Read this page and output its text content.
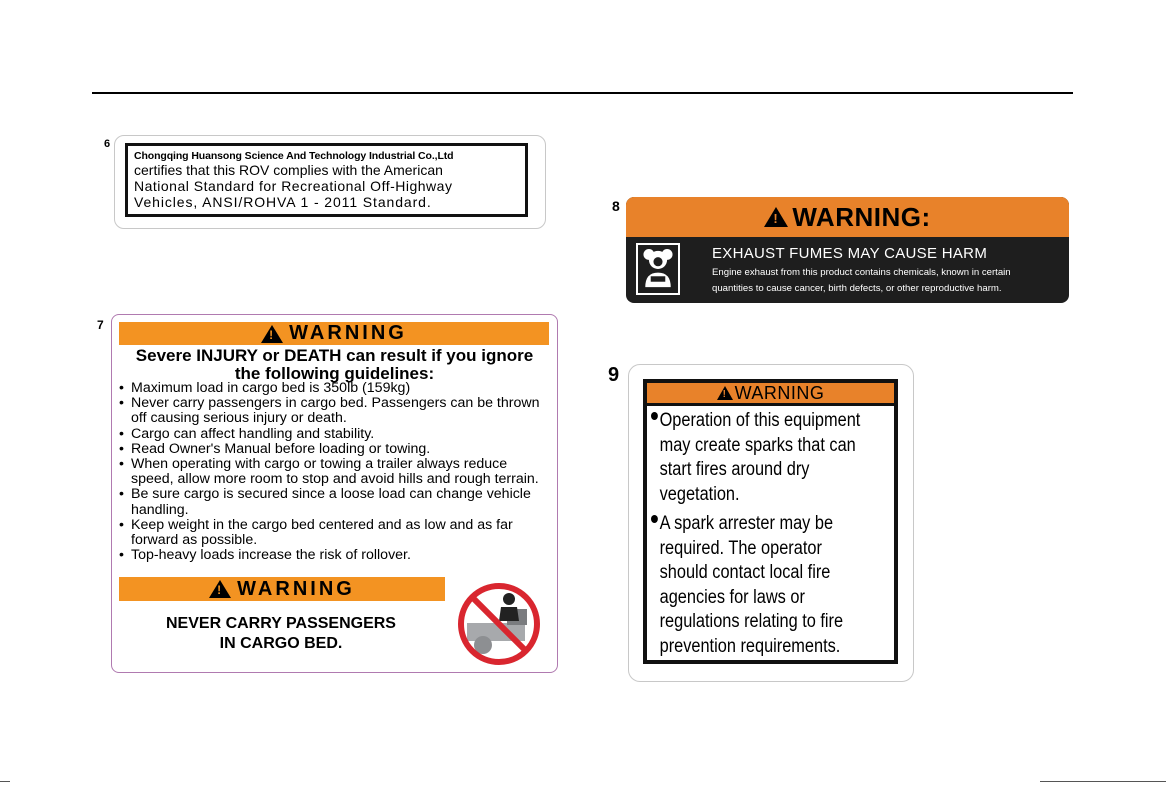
6
Chongqing Huansong Science And Technology Industrial Co.,Ltd
certifies that this ROV complies with the American
National Standard for Recreational Off-Highway
Vehicles, ANSI/ROHVA 1 - 2011 Standard.
7 !	WARNING
Severe INJURY or DEATH can result if you ignore
the following guidelines:
• Maximum load in cargo bed is 350lb (159kg)
• Never carry passengers in cargo bed. Passengers can be thrown off causing serious injury or death.
• Cargo can affect handling and stability.
• Read Owner's Manual before loading or towing.
• When operating with cargo or towing a trailer always reduce speed, allow more room to stop and avoid hills and rough terrain.
• Be sure cargo is secured since a loose load can change vehicle handling.
• Keep weight in the cargo bed centered and as low and as far forward as possible.
• Top-heavy loads increase the risk of rollover.
!
WARNING
NEVER CARRY PASSENGERS
IN CARGO BED.
8 !	WARNING:
EXHAUST FUMES MAY CAUSE HARM
Engine exhaust from this product contains chemicals, known in certain
quantities to cause cancer, birth defects, or other reproductive harm.
9
!
WARNING
Operation of this equipment
may create sparks that can
start fires around dry
vegetation.
A spark arrester may be
required. The operator
should contact local fire
agencies for laws or
regulations relating to fire
prevention requirements.
